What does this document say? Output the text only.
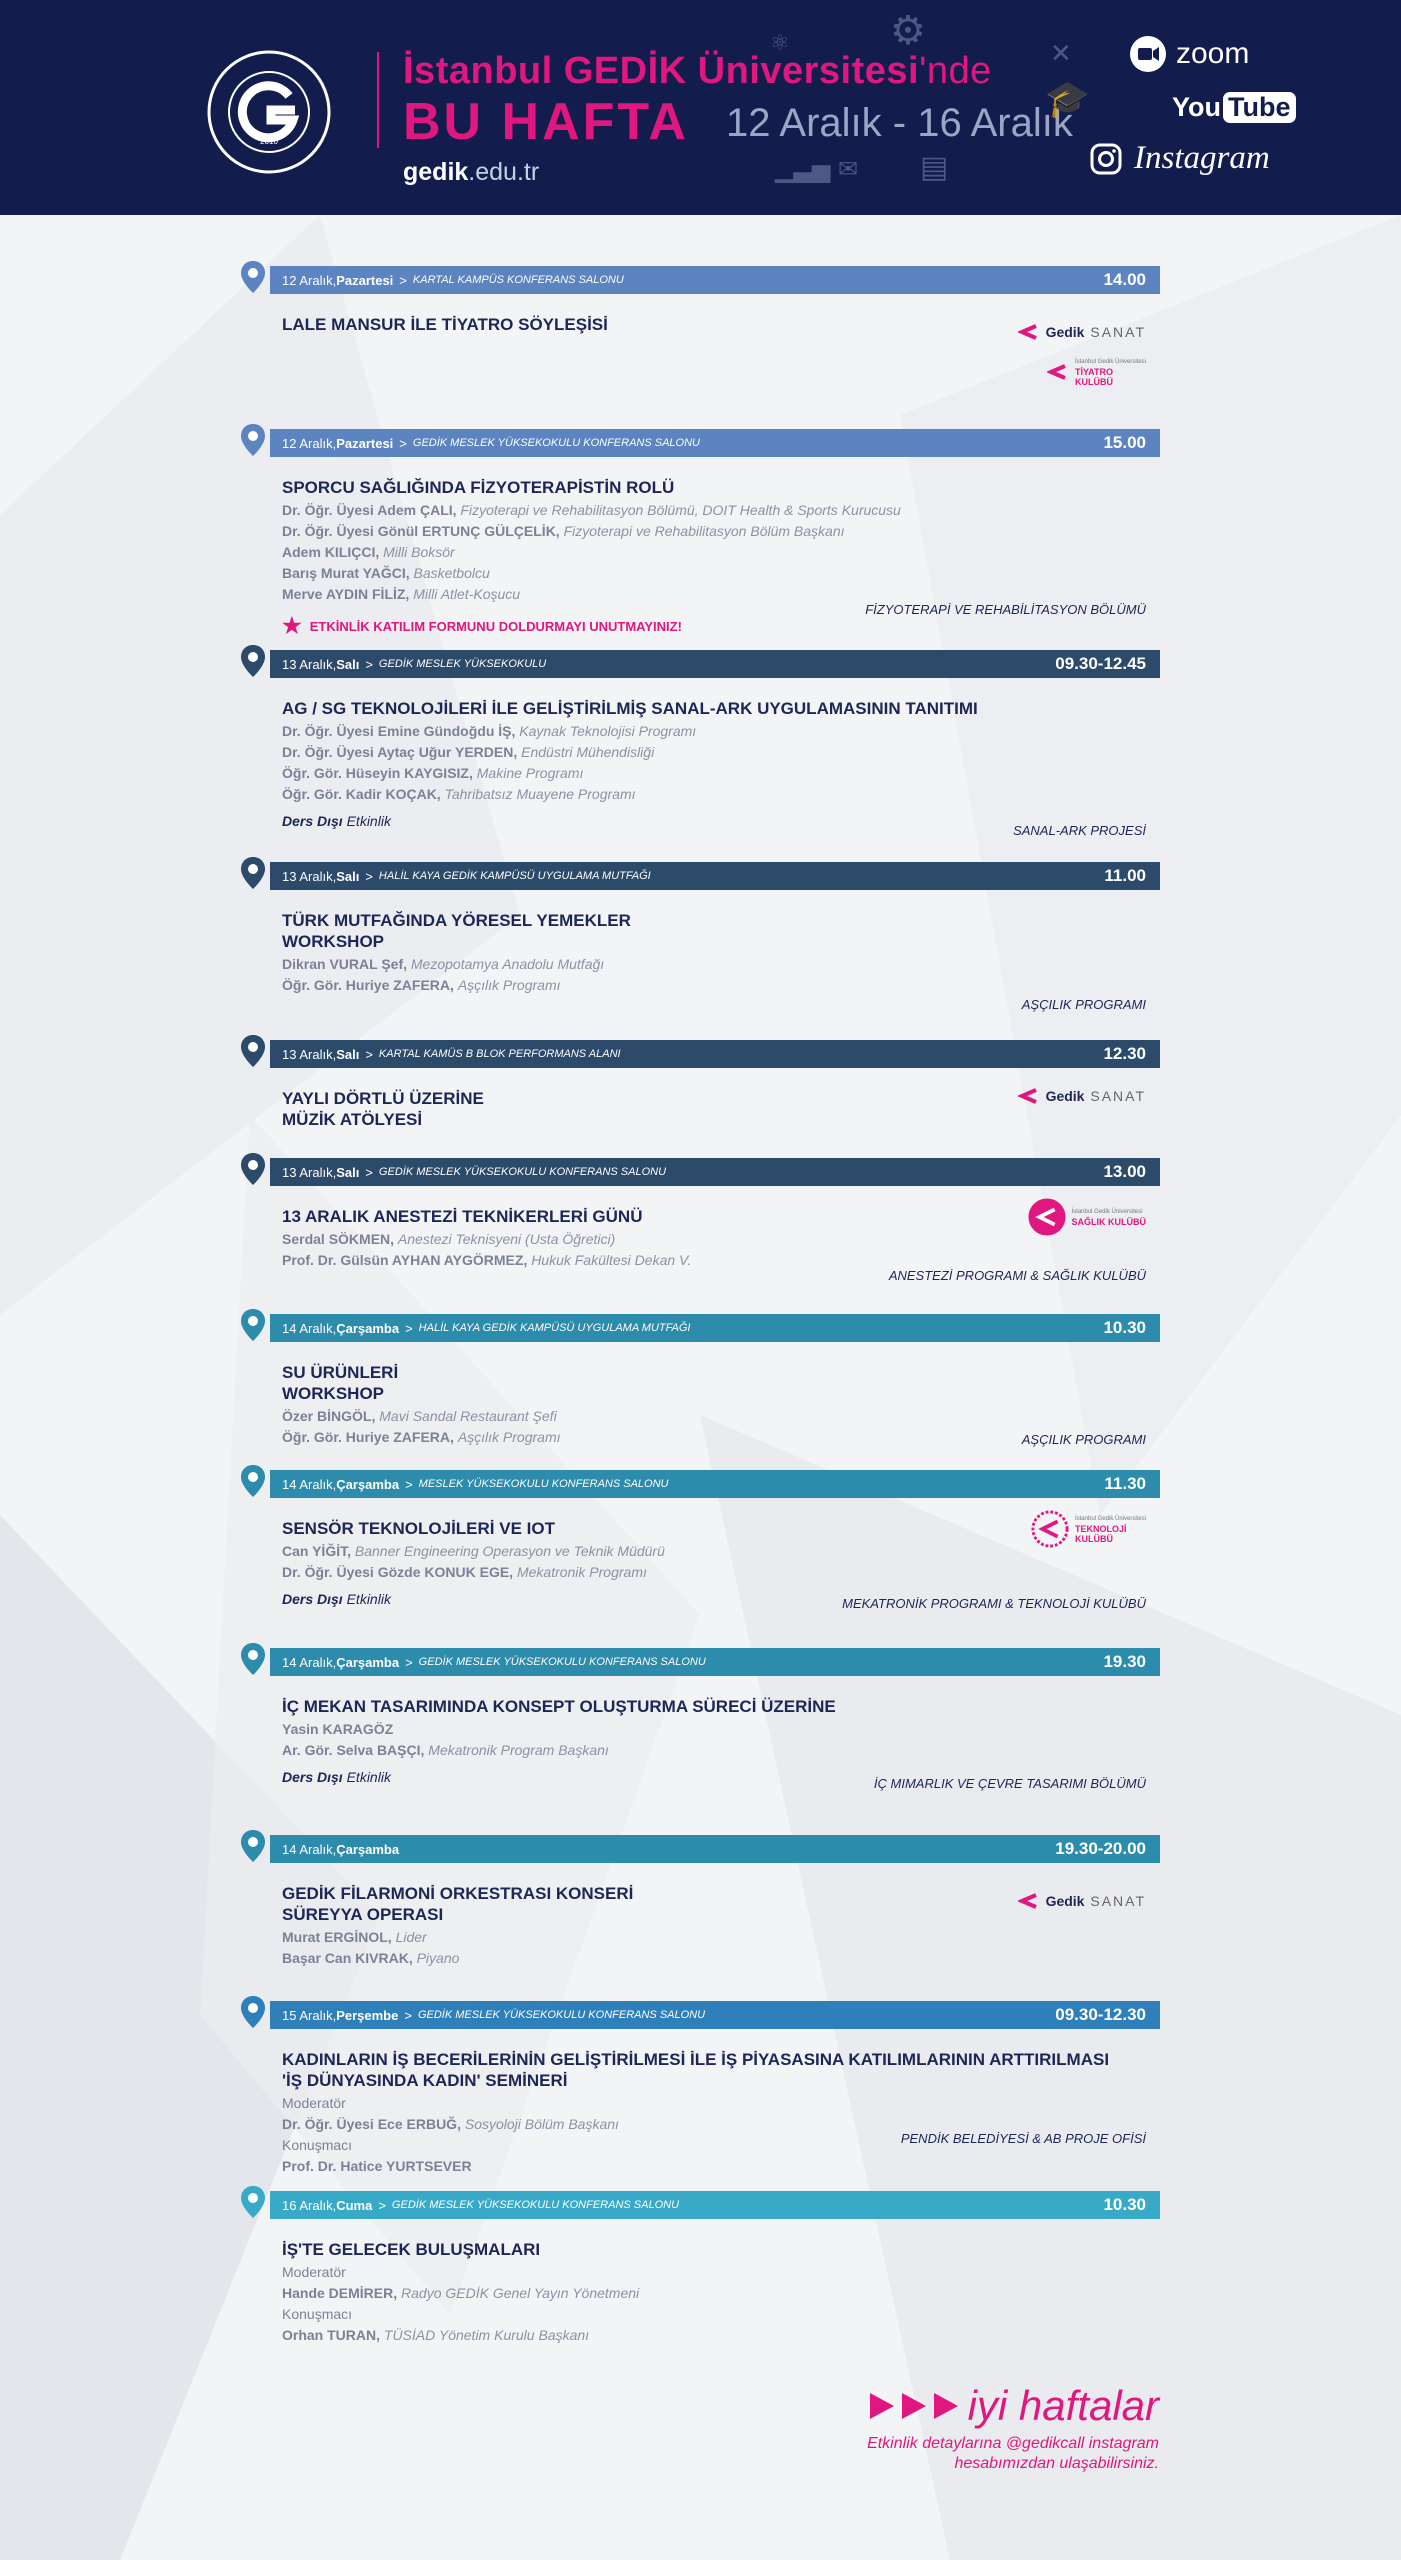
2010
İstanbul GEDİK Üniversitesi'nde
BU HAFTA 12 Aralık - 16 Aralık
gedik.edu.tr
⚛	⚙	✕
🎓
▁▃▅ ✉ ▤
zoom
You Tube
Instagram
12 Aralık, Pazartesi > KARTAL KAMPÜS KONFERANS SALONU	14.00
LALE MANSUR İLE TİYATRO SÖYLEŞİSİ	Gedik SANAT
İstanbul Gedik Üniversitesi
TİYATRO
KULÜBÜ
12 Aralık, Pazartesi > GEDİK MESLEK YÜKSEKOKULU KONFERANS SALONU	15.00
SPORCU SAĞLIĞINDA FİZYOTERAPİSTİN ROLÜ
Dr. Öğr. Üyesi Adem ÇALI, Fizyoterapi ve Rehabilitasyon Bölümü, DOIT Health & Sports Kurucusu
Dr. Öğr. Üyesi Gönül ERTUNÇ GÜLÇELİK, Fizyoterapi ve Rehabilitasyon Bölüm Başkanı
Adem KILIÇCI, Milli Boksör
Barış Murat YAĞCI, Basketbolcu
Merve AYDIN FİLİZ, Milli Atlet-Koşucu
★ ETKİNLİK KATILIM FORMUNU DOLDURMAYI UNUTMAYINIZ!
FİZYOTERAPİ VE REHABİLİTASYON BÖLÜMÜ
13 Aralık, Salı > GEDİK MESLEK YÜKSEKOKULU	09.30-12.45
AG / SG TEKNOLOJİLERİ İLE GELİŞTİRİLMİŞ SANAL-ARK UYGULAMASININ TANITIMI
Dr. Öğr. Üyesi Emine Gündoğdu İŞ, Kaynak Teknolojisi Programı
Dr. Öğr. Üyesi Aytaç Uğur YERDEN, Endüstri Mühendisliği
Öğr. Gör. Hüseyin KAYGISIZ, Makine Programı
Öğr. Gör. Kadir KOÇAK, Tahribatsız Muayene Programı
Ders Dışı Etkinlik
SANAL-ARK PROJESİ
13 Aralık, Salı > HALİL KAYA GEDİK KAMPÜSÜ UYGULAMA MUTFAĞI	11.00
TÜRK MUTFAĞINDA YÖRESEL YEMEKLER
WORKSHOP
Dikran VURAL Şef, Mezopotamya Anadolu Mutfağı
Öğr. Gör. Huriye ZAFERA, Aşçılık Programı
AŞÇILIK PROGRAMI
13 Aralık, Salı > KARTAL KAMÜS B BLOK PERFORMANS ALANI	12.30
YAYLI DÖRTLÜ ÜZERİNE
MÜZİK ATÖLYESİ
Gedik SANAT
13 Aralık, Salı > GEDİK MESLEK YÜKSEKOKULU KONFERANS SALONU	13.00
13 ARALIK ANESTEZİ TEKNİKERLERİ GÜNÜ
Serdal SÖKMEN, Anestezi Teknisyeni (Usta Öğretici)
Prof. Dr. Gülsün AYHAN AYGÖRMEZ, Hukuk Fakültesi Dekan V.
İstanbul Gedik Üniversitesi
SAĞLIK KULÜBÜ
ANESTEZİ PROGRAMI & SAĞLIK KULÜBÜ
14 Aralık, Çarşamba > HALİL KAYA GEDİK KAMPÜSÜ UYGULAMA MUTFAĞI	10.30
SU ÜRÜNLERİ
WORKSHOP
Özer BİNGÖL, Mavi Sandal Restaurant Şefi
Öğr. Gör. Huriye ZAFERA, Aşçılık Programı	AŞÇILIK PROGRAMI
14 Aralık, Çarşamba > MESLEK YÜKSEKOKULU KONFERANS SALONU	11.30
SENSÖR TEKNOLOJİLERİ VE IOT
Can YİĞİT, Banner Engineering Operasyon ve Teknik Müdürü
Dr. Öğr. Üyesi Gözde KONUK EGE, Mekatronik Programı
Ders Dışı Etkinlik
İstanbul Gedik Üniversitesi
TEKNOLOJİ
KULÜBÜ
MEKATRONİK PROGRAMI & TEKNOLOJİ KULÜBÜ
14 Aralık, Çarşamba > GEDİK MESLEK YÜKSEKOKULU KONFERANS SALONU	19.30
İÇ MEKAN TASARIMINDA KONSEPT OLUŞTURMA SÜRECİ ÜZERİNE
Yasin KARAGÖZ
Ar. Gör. Selva BAŞÇI, Mekatronik Program Başkanı
Ders Dışı Etkinlik	İÇ MIMARLIK VE ÇEVRE TASARIMI BÖLÜMÜ
14 Aralık, Çarşamba	19.30-20.00
GEDİK FİLARMONİ ORKESTRASI KONSERİ
SÜREYYA OPERASI
Murat ERGİNOL, Lider
Başar Can KIVRAK, Piyano
Gedik SANAT
15 Aralık, Perşembe > GEDİK MESLEK YÜKSEKOKULU KONFERANS SALONU	09.30-12.30
KADINLARIN İŞ BECERİLERİNİN GELİŞTİRİLMESİ İLE İŞ PİYASASINA KATILIMLARININ ARTTIRILMASI
'İŞ DÜNYASINDA KADIN' SEMİNERİ
Moderatör
Dr. Öğr. Üyesi Ece ERBUĞ, Sosyoloji Bölüm Başkanı
Konuşmacı
Prof. Dr. Hatice YURTSEVER
PENDİK BELEDİYESİ & AB PROJE OFİSİ
16 Aralık, Cuma > GEDİK MESLEK YÜKSEKOKULU KONFERANS SALONU	10.30
İŞ'TE GELECEK BULUŞMALARI
Moderatör
Hande DEMİRER, Radyo GEDİK Genel Yayın Yönetmeni
Konuşmacı
Orhan TURAN, TÜSİAD Yönetim Kurulu Başkanı
iyi haftalar
Etkinlik detaylarına @gedikcall instagram
hesabımızdan ulaşabilirsiniz.
